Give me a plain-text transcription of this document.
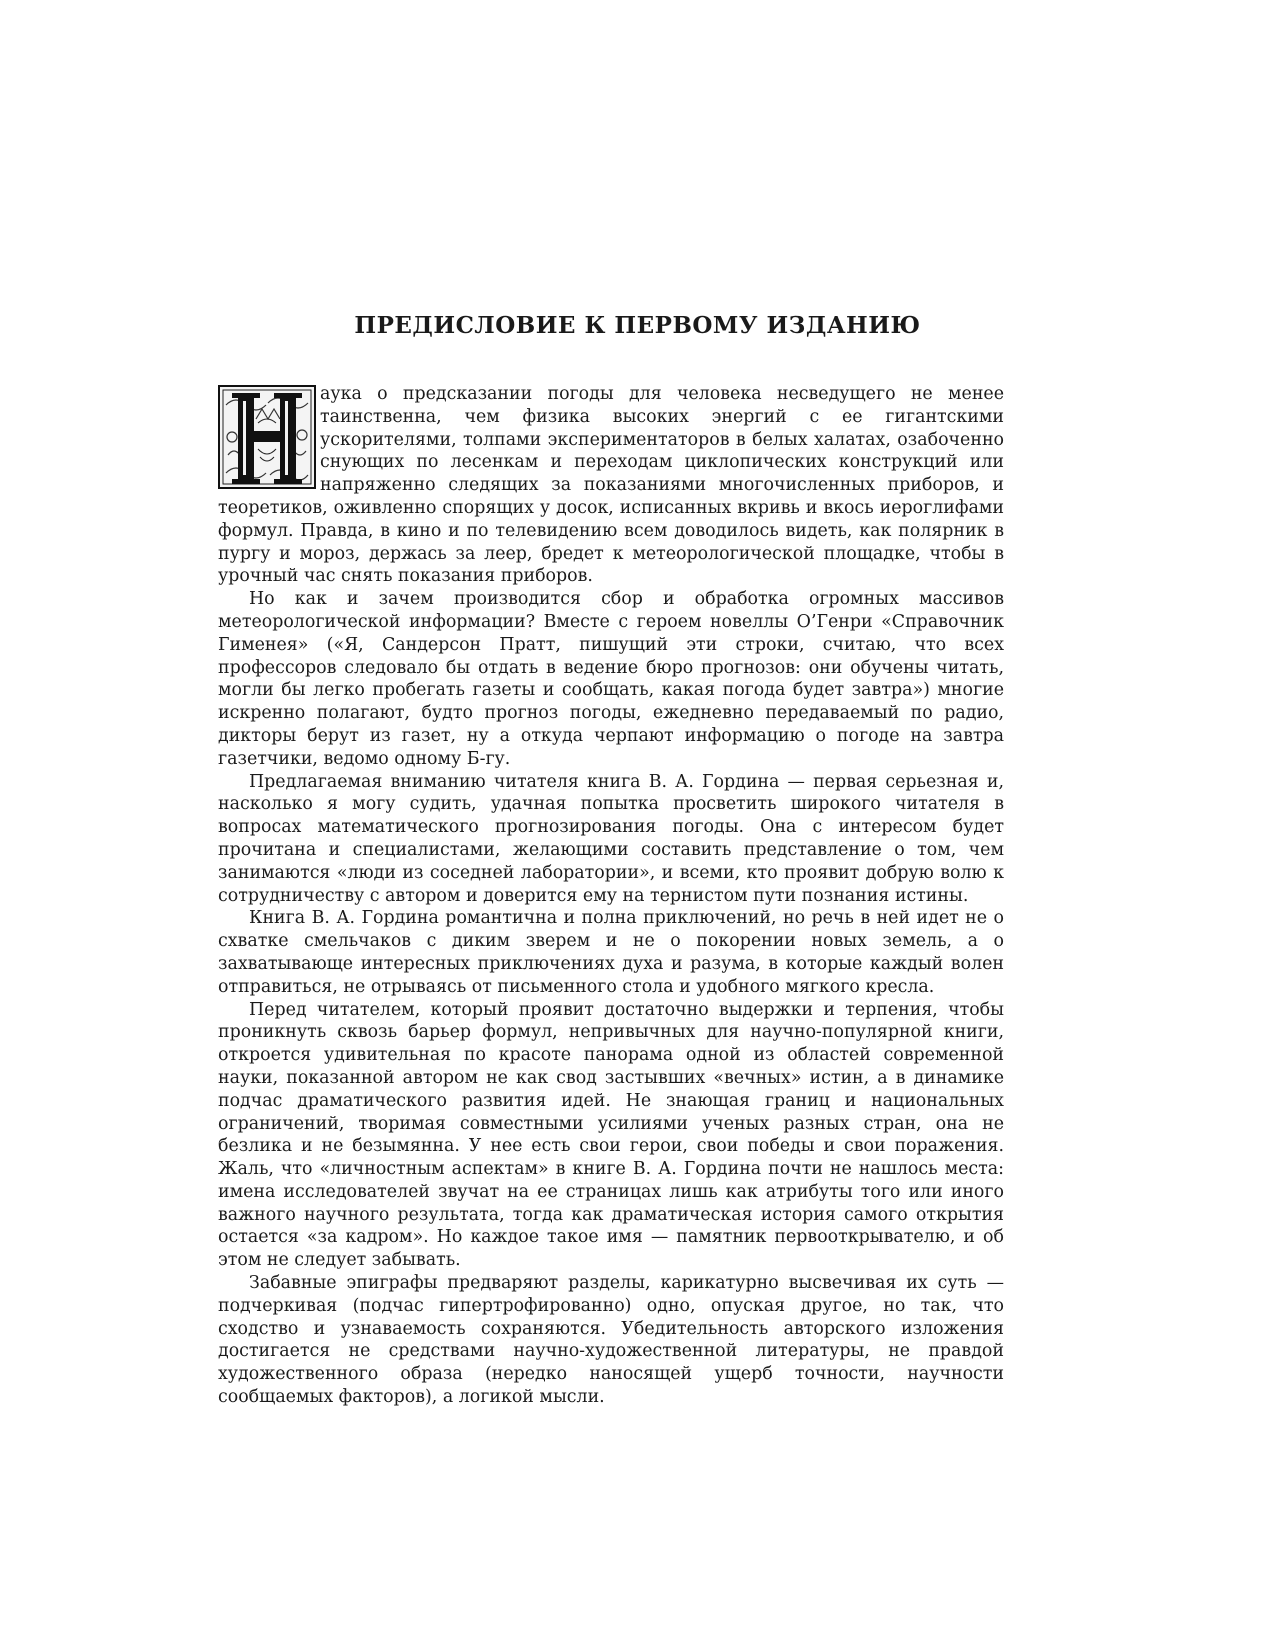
ПРЕДИСЛОВИЕ К ПЕРВОМУ ИЗДАНИЮ

аука о предсказании погоды для человека несведущего не менее таинственна, чем физика высоких энергий с ее гигантскими ускорителями, толпами экспериментаторов в белых халатах, озабоченно снующих по лесенкам и переходам циклопических конструкций или напряженно следящих за показаниями многочисленных приборов, и теоретиков, оживленно спорящих у досок, исписанных вкривь и вкось иероглифами формул. Правда, в кино и по телевидению всем доводилось видеть, как полярник в пургу и мороз, держась за леер, бредет к метеорологической площадке, чтобы в урочный час снять показания приборов.

Но как и зачем производится сбор и обработка огромных массивов метеорологической информации? Вместе с героем новеллы О’Генри «Справочник Гименея» («Я, Сандерсон Пратт, пишущий эти строки, считаю, что всех профессоров следовало бы отдать в ведение бюро прогнозов: они обучены читать, могли бы легко пробегать газеты и сообщать, какая погода будет завтра») многие искренно полагают, будто прогноз погоды, ежедневно передаваемый по радио, дикторы берут из газет, ну а откуда черпают информацию о погоде на завтра газетчики, ведомо одному Б-гу.

Предлагаемая вниманию читателя книга В. А. Гордина — первая серьезная и, насколько я могу судить, удачная попытка просветить широкого читателя в вопросах математического прогнозирования погоды. Она с интересом будет прочитана и специалистами, желающими составить представление о том, чем занимаются «люди из соседней лаборатории», и всеми, кто проявит добрую волю к сотрудничеству с автором и доверится ему на тернистом пути познания истины.

Книга В. А. Гордина романтична и полна приключений, но речь в ней идет не о схватке смельчаков с диким зверем и не о покорении новых земель, а о захватывающе интересных приключениях духа и разума, в которые каждый волен отправиться, не отрываясь от письменного стола и удобного мягкого кресла.

Перед читателем, который проявит достаточно выдержки и терпения, чтобы проникнуть сквозь барьер формул, непривычных для научно-популярной книги, откроется удивительная по красоте панорама одной из областей современной науки, показанной автором не как свод застывших «вечных» истин, а в динамике подчас драматического развития идей. Не знающая границ и национальных ограничений, творимая совместными усилиями ученых разных стран, она не безлика и не безымянна. У нее есть свои герои, свои победы и свои поражения. Жаль, что «личностным аспектам» в книге В. А. Гордина почти не нашлось места: имена исследователей звучат на ее страницах лишь как атрибуты того или иного важного научного результата, тогда как драматическая история самого открытия остается «за кадром». Но каждое такое имя — памятник первооткрывателю, и об этом не следует забывать.

Забавные эпиграфы предваряют разделы, карикатурно высвечивая их суть — подчеркивая (подчас гипертрофированно) одно, опуская другое, но так, что сходство и узнаваемость сохраняются. Убедительность авторского изложения достигается не средствами научно-художественной литературы, не правдой художественного образа (нередко наносящей ущерб точности, научности сообщаемых факторов), а логикой мысли.
